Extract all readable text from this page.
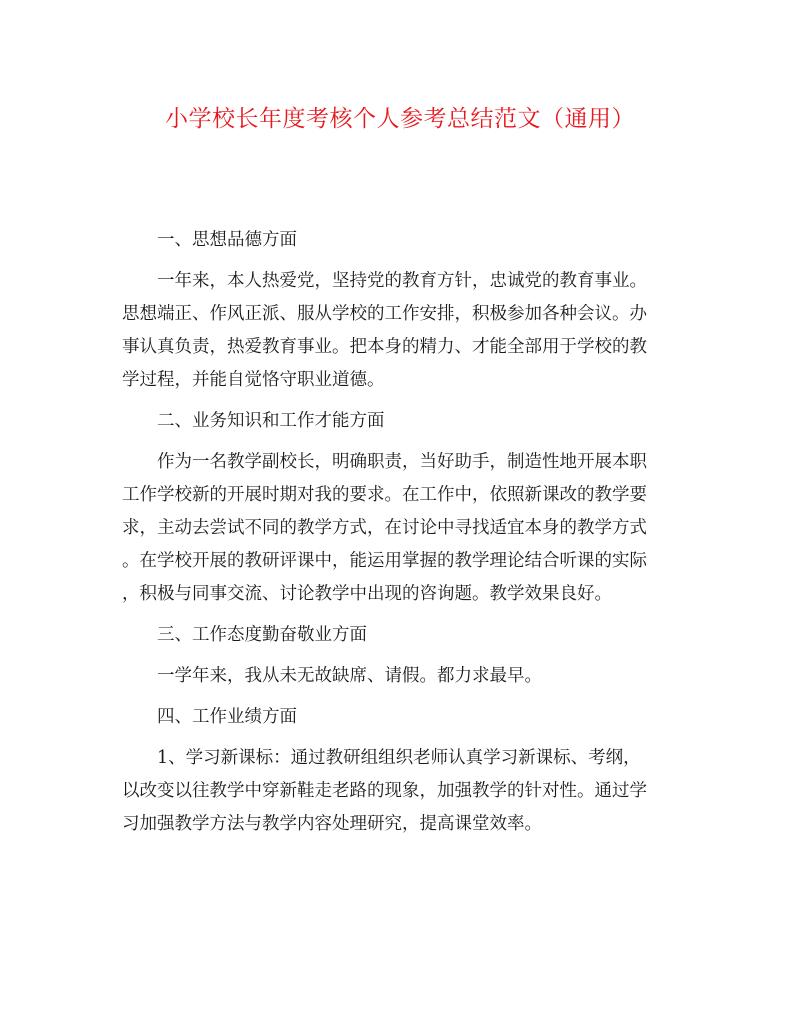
小学校长年度考核个人参考总结范文（通用）

一、思想品德方面

一年来，本人热爱党，坚持党的教育方针，忠诚党的教育事业。
思想端正、作风正派、服从学校的工作安排，积极参加各种会议。办
事认真负责，热爱教育事业。把本身的精力、才能全部用于学校的教
学过程，并能自觉恪守职业道德。

二、业务知识和工作才能方面

作为一名教学副校长，明确职责，当好助手，制造性地开展本职
工作学校新的开展时期对我的要求。在工作中，依照新课改的教学要
求，主动去尝试不同的教学方式，在讨论中寻找适宜本身的教学方式
。在学校开展的教研评课中，能运用掌握的教学理论结合听课的实际
，积极与同事交流、讨论教学中出现的咨询题。教学效果良好。

三、工作态度勤奋敬业方面

一学年来，我从未无故缺席、请假。都力求最早。

四、工作业绩方面

1、学习新课标：通过教研组组织老师认真学习新课标、考纲，
以改变以往教学中穿新鞋走老路的现象，加强教学的针对性。通过学
习加强教学方法与教学内容处理研究，提高课堂效率。
